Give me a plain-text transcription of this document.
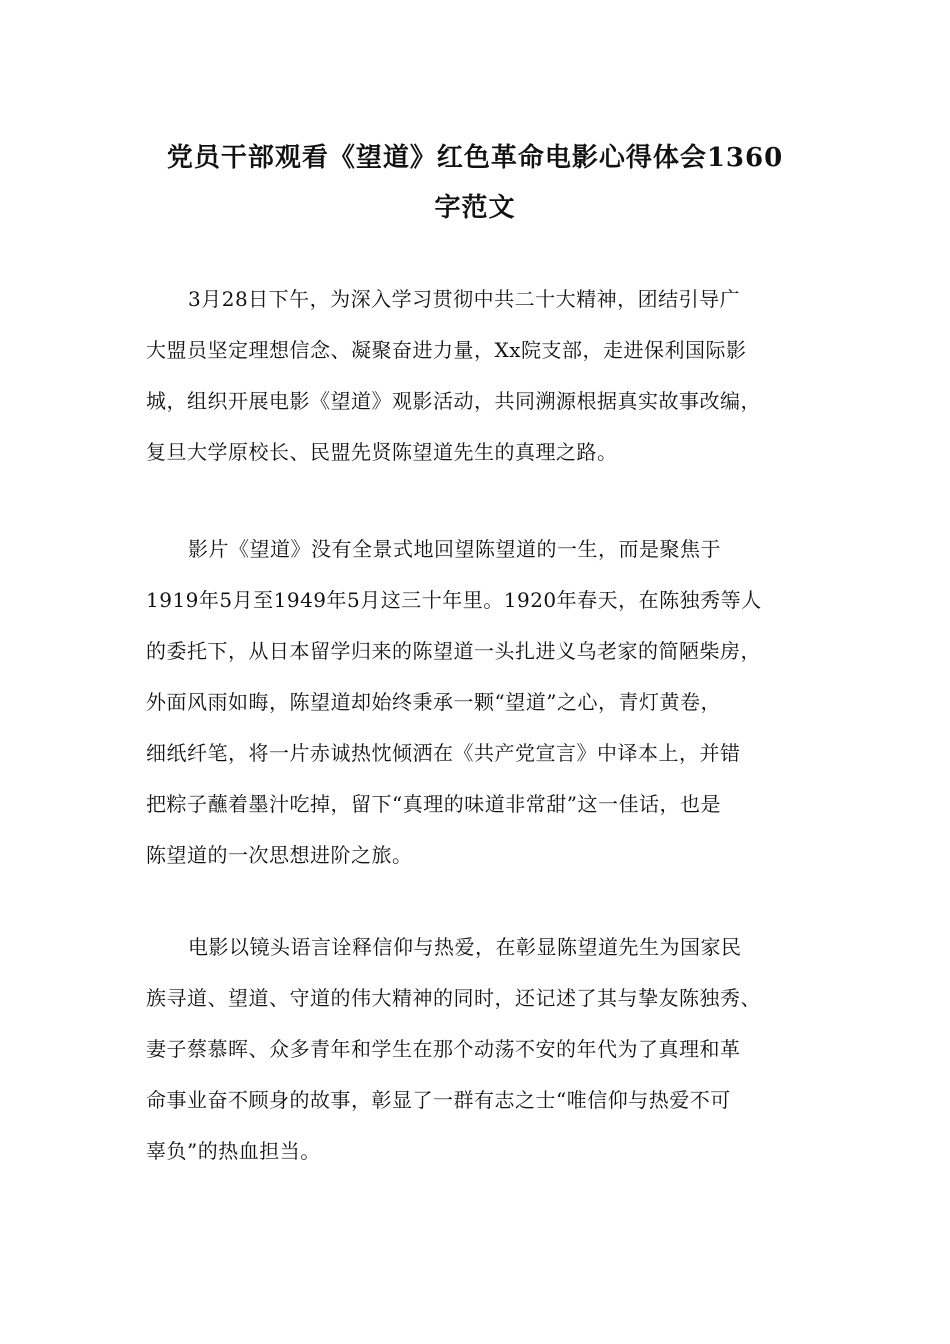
党员干部观看《望道》红色革命电影心得体会1360
字范文
3月28日下午，为深入学习贯彻中共二十大精神，团结引导广
大盟员坚定理想信念、凝聚奋进力量，Xx院支部，走进保利国际影
城，组织开展电影《望道》观影活动，共同溯源根据真实故事改编，
复旦大学原校长、民盟先贤陈望道先生的真理之路。
影片《望道》没有全景式地回望陈望道的一生，而是聚焦于
1919年5月至1949年5月这三十年里。1920年春天，在陈独秀等人
的委托下，从日本留学归来的陈望道一头扎进义乌老家的简陋柴房，
外面风雨如晦，陈望道却始终秉承一颗“望道”之心，青灯黄卷，
细纸纤笔，将一片赤诚热忱倾洒在《共产党宣言》中译本上，并错
把粽子蘸着墨汁吃掉，留下“真理的味道非常甜”这一佳话，也是
陈望道的一次思想进阶之旅。
电影以镜头语言诠释信仰与热爱，在彰显陈望道先生为国家民
族寻道、望道、守道的伟大精神的同时，还记述了其与挚友陈独秀、
妻子蔡慕晖、众多青年和学生在那个动荡不安的年代为了真理和革
命事业奋不顾身的故事，彰显了一群有志之士“唯信仰与热爱不可
辜负”的热血担当。
